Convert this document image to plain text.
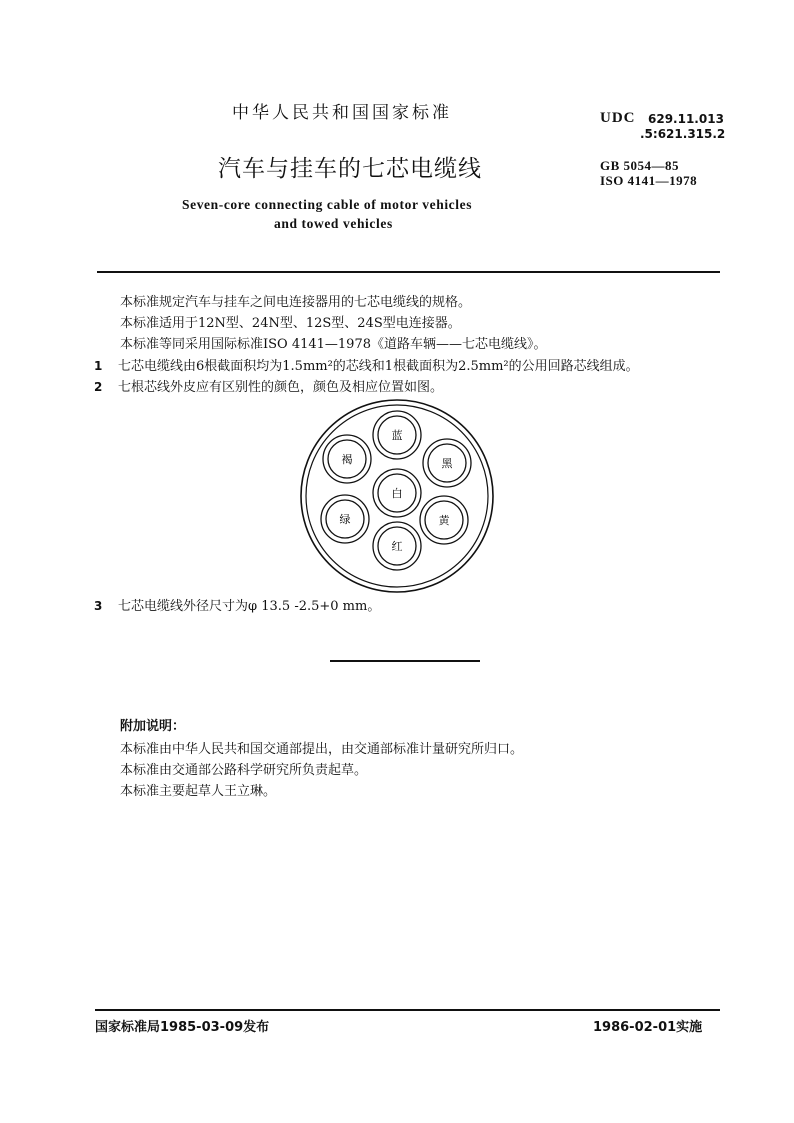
中华人民共和国国家标准
汽车与挂车的七芯电缆线
Seven-core connecting cable of motor vehicles
and towed vehicles
UDC 629.11.013
.5:621.315.2
GB 5054—85
ISO 4141—1978
本标准规定汽车与挂车之间电连接器用的七芯电缆线的规格。
本标准适用于12N型、24N型、12S型、24S型电连接器。
本标准等同采用国际标准ISO 4141—1978《道路车辆——七芯电缆线》。
1 七芯电缆线由6根截面积均为1.5mm²的芯线和1根截面积为2.5mm²的公用回路芯线组成。
2 七根芯线外皮应有区别性的颜色，颜色及相应位置如图。
白
蓝
黑
黄
红
绿
褐
3 七芯电缆线外径尺寸为φ 13.5 -2.5+0 mm。
附加说明：
本标准由中华人民共和国交通部提出，由交通部标准计量研究所归口。
本标准由交通部公路科学研究所负责起草。
本标准主要起草人王立琳。
国家标准局1985-03-09发布	1986-02-01实施
